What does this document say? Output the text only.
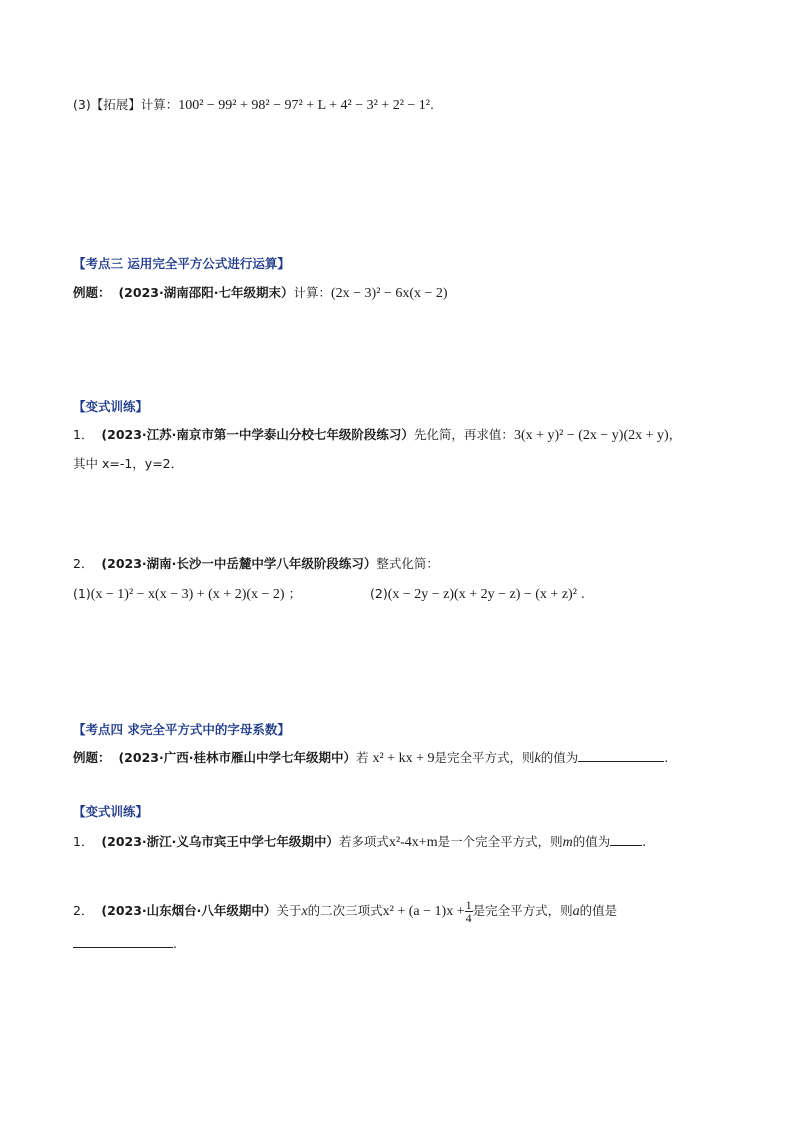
(3)【拓展】计算：100² − 99² + 98² − 97² + L + 4² − 3² + 2² − 1².
【考点三 运用完全平方公式进行运算】
例题： (2023·湖南邵阳·七年级期末）计算：(2x − 3)² − 6x(x − 2)
【变式训练】
1． (2023·江苏·南京市第一中学泰山分校七年级阶段练习）先化简，再求值：3(x + y)² − (2x − y)(2x + y)，
其中 x=-1，y=2．
2． (2023·湖南·长沙一中岳麓中学八年级阶段练习）整式化简：
(1)(x − 1)² − x(x − 3) + (x + 2)(x − 2) ；	(2)(x − 2y − z)(x + 2y − z) − (x + z)² .
【考点四 求完全平方式中的字母系数】
例题： (2023·广西·桂林市雁山中学七年级期中）若 x² + kx + 9是完全平方式，则k的值为	.
【变式训练】
1． (2023·浙江·义乌市宾王中学七年级期中）若多项式x²-4x+m是一个完全平方式，则m的值为	.
2． (2023·山东烟台·八年级期中）关于x的二次三项式$x^2 + (a - 1)x + \frac{1}{4}$ 是完全平方式，则a的值是
.
